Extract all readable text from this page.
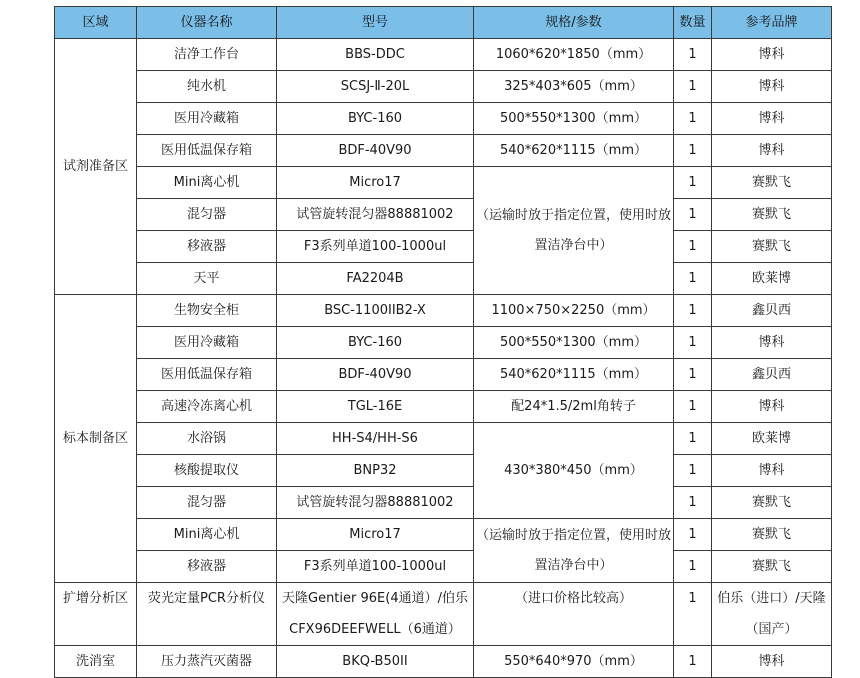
区域	仪器名称	型号	规格/参数	数量	参考品牌
试剂准备区	洁净工作台	BBS-DDC	1060*620*1850（mm）	1	博科
	纯水机	SCSJ-Ⅱ-20L	325*403*605（mm）	1	博科
	医用冷藏箱	BYC-160	500*550*1300（mm）	1	博科
	医用低温保存箱	BDF-40V90	540*620*1115（mm）	1	博科
	Mini离心机	Micro17	（运输时放于指定位置，使用时放置洁净台中）	1	赛默飞
	混匀器	试管旋转混匀器88881002		1	赛默飞
	移液器	F3系列单道100-1000ul		1	赛默飞
	天平	FA2204B		1	欧莱博
标本制备区	生物安全柜	BSC-1100IIB2-X	1100×750×2250（mm）	1	鑫贝西
	医用冷藏箱	BYC-160	500*550*1300（mm）	1	博科
	医用低温保存箱	BDF-40V90	540*620*1115（mm）	1	鑫贝西
	高速冷冻离心机	TGL-16E	配24*1.5/2ml角转子	1	博科
	水浴锅	HH-S4/HH-S6	430*380*450（mm）	1	欧莱博
	核酸提取仪	BNP32		1	博科
	混匀器	试管旋转混匀器88881002		1	赛默飞
	Mini离心机	Micro17	（运输时放于指定位置，使用时放置洁净台中）	1	赛默飞
	移液器	F3系列单道100-1000ul		1	赛默飞
扩增分析区	荧光定量PCR分析仪	天隆Gentier 96E(4通道）/伯乐CFX96DEEFWELL（6通道）	（进口价格比较高）	1	伯乐（进口）/天隆（国产）
洗消室	压力蒸汽灭菌器	BKQ-B50II	550*640*970（mm）	1	博科
